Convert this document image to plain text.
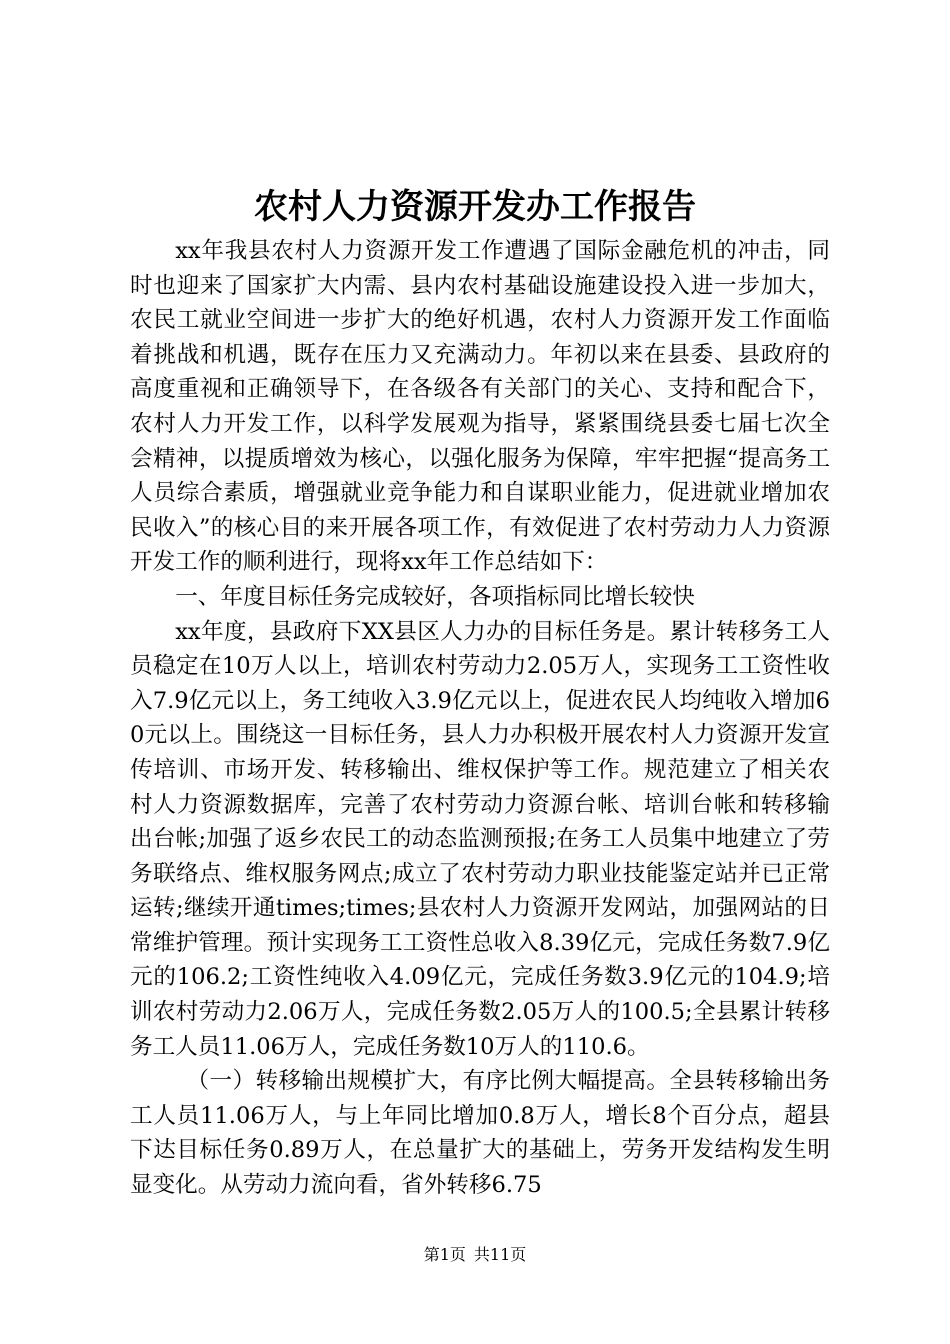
农村人力资源开发办工作报告

xx年我县农村人力资源开发工作遭遇了国际金融危机的冲击，同时也迎来了国家扩大内需、县内农村基础设施建设投入进一步加大，农民工就业空间进一步扩大的绝好机遇，农村人力资源开发工作面临着挑战和机遇，既存在压力又充满动力。年初以来在县委、县政府的高度重视和正确领导下，在各级各有关部门的关心、支持和配合下，农村人力开发工作，以科学发展观为指导，紧紧围绕县委七届七次全会精神，以提质增效为核心，以强化服务为保障，牢牢把握“提高务工人员综合素质，增强就业竞争能力和自谋职业能力，促进就业增加农民收入”的核心目的来开展各项工作，有效促进了农村劳动力人力资源开发工作的顺利进行，现将xx年工作总结如下：

一、年度目标任务完成较好，各项指标同比增长较快

xx年度，县政府下XX县区人力办的目标任务是。累计转移务工人员稳定在10万人以上，培训农村劳动力2.05万人，实现务工工资性收入7.9亿元以上，务工纯收入3.9亿元以上，促进农民人均纯收入增加60元以上。围绕这一目标任务，县人力办积极开展农村人力资源开发宣传培训、市场开发、转移输出、维权保护等工作。规范建立了相关农村人力资源数据库，完善了农村劳动力资源台帐、培训台帐和转移输出台帐;加强了返乡农民工的动态监测预报;在务工人员集中地建立了劳务联络点、维权服务网点;成立了农村劳动力职业技能鉴定站并已正常运转;继续开通times;times;县农村人力资源开发网站，加强网站的日常维护管理。预计实现务工工资性总收入8.39亿元，完成任务数7.9亿元的106.2;工资性纯收入4.09亿元，完成任务数3.9亿元的104.9;培训农村劳动力2.06万人，完成任务数2.05万人的100.5;全县累计转移务工人员11.06万人，完成任务数10万人的110.6。

（一）转移输出规模扩大，有序比例大幅提高。全县转移输出务工人员11.06万人，与上年同比增加0.8万人，增长8个百分点，超县下达目标任务0.89万人，在总量扩大的基础上，劳务开发结构发生明显变化。从劳动力流向看，省外转移6.75

第1页 共11页
